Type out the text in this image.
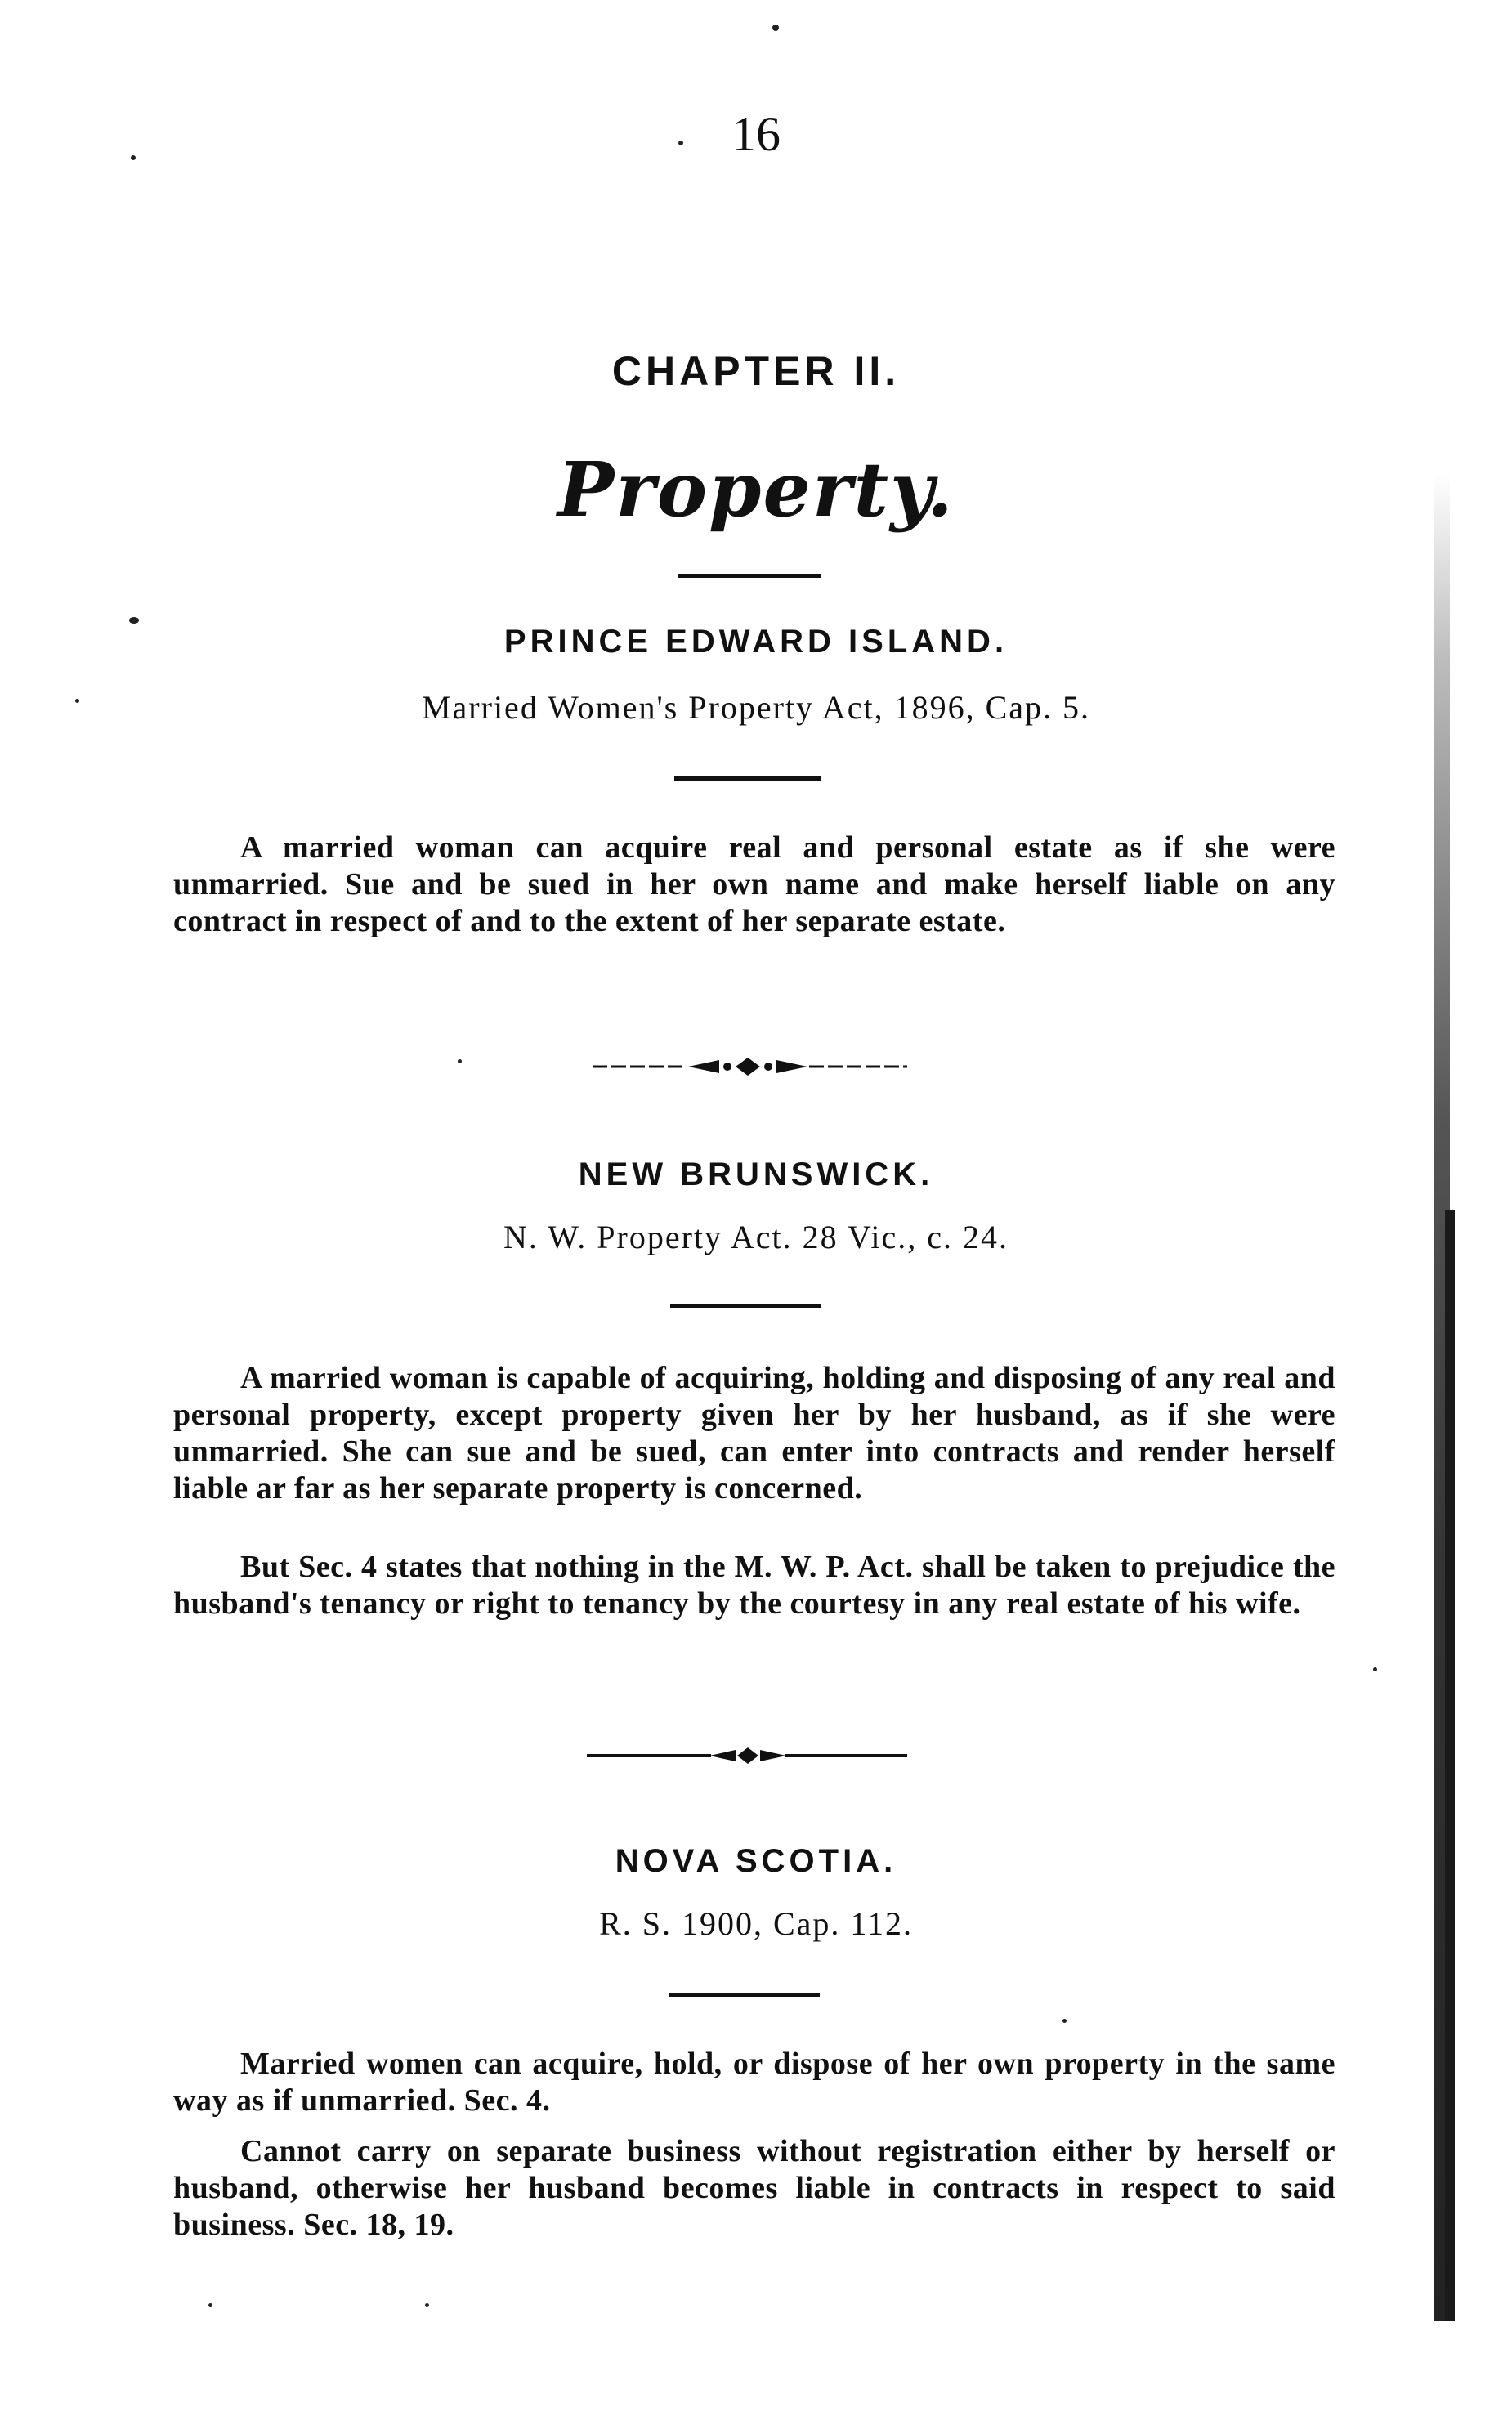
16
CHAPTER II.
Property.
PRINCE EDWARD ISLAND.
Married Women's Property Act, 1896, Cap. 5.

A married woman can acquire real and personal estate as if she were unmarried. Sue and be sued in her own name and make herself liable on any contract in respect of and to the extent of her separate estate.

NEW BRUNSWICK.
N. W. Property Act. 28 Vic., c. 24.

A married woman is capable of acquiring, holding and disposing of any real and personal property, except property given her by her husband, as if she were unmarried. She can sue and be sued, can enter into contracts and render herself liable ar far as her separate property is concerned.

But Sec. 4 states that nothing in the M. W. P. Act. shall be taken to prejudice the husband's tenancy or right to tenancy by the courtesy in any real estate of his wife.

NOVA SCOTIA.
R. S. 1900, Cap. 112.

Married women can acquire, hold, or dispose of her own property in the same way as if unmarried. Sec. 4.

Cannot carry on separate business without registration either by herself or husband, otherwise her husband becomes liable in contracts in respect to said business. Sec. 18, 19.
